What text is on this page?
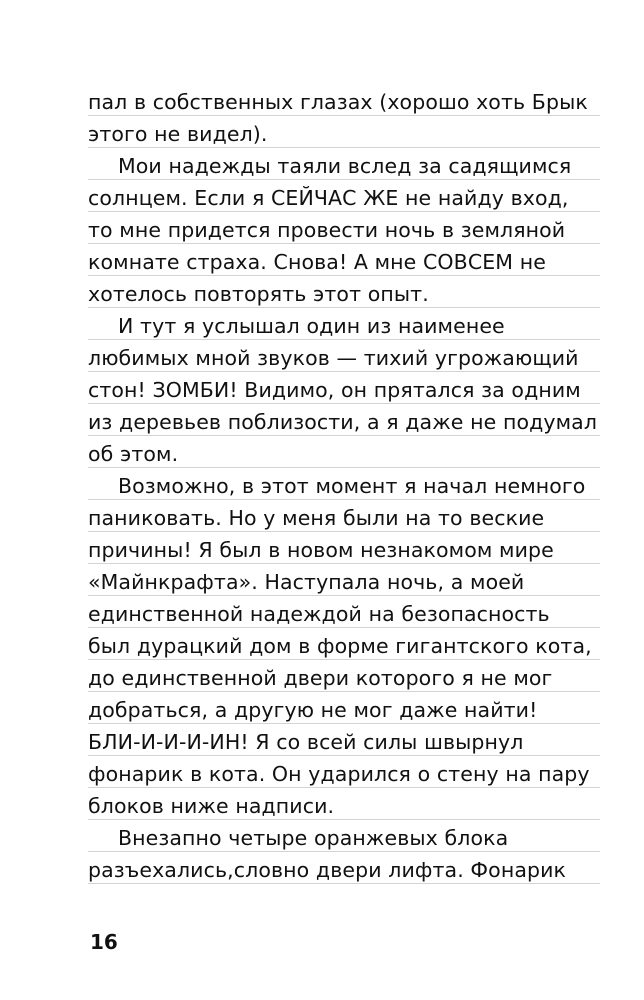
пал в собственных глазах (хорошо хоть Брык
этого не видел).
Мои надежды таяли вслед за садящимся
солнцем. Если я СЕЙЧАС ЖЕ не найду вход,
то мне придется провести ночь в земляной
комнате страха. Снова! А мне СОВСЕМ не
хотелось повторять этот опыт.
И тут я услышал один из наименее
любимых мной звуков — тихий угрожающий
стон! ЗОМБИ! Видимо, он прятался за одним
из деревьев поблизости, а я даже не подумал
об этом.
Возможно, в этот момент я начал немного
паниковать. Но у меня были на то веские
причины! Я был в новом незнакомом мире
«Майнкрафта». Наступала ночь, а моей
единственной надеждой на безопасность
был дурацкий дом в форме гигантского кота,
до единственной двери которого я не мог
добраться, а другую не мог даже найти!
БЛИ-И-И-И-ИН! Я со всей силы швырнул
фонарик в кота. Он ударился о стену на пару
блоков ниже надписи.
Внезапно четыре оранжевых блока
разъехались,словно двери лифта. Фонарик
16
